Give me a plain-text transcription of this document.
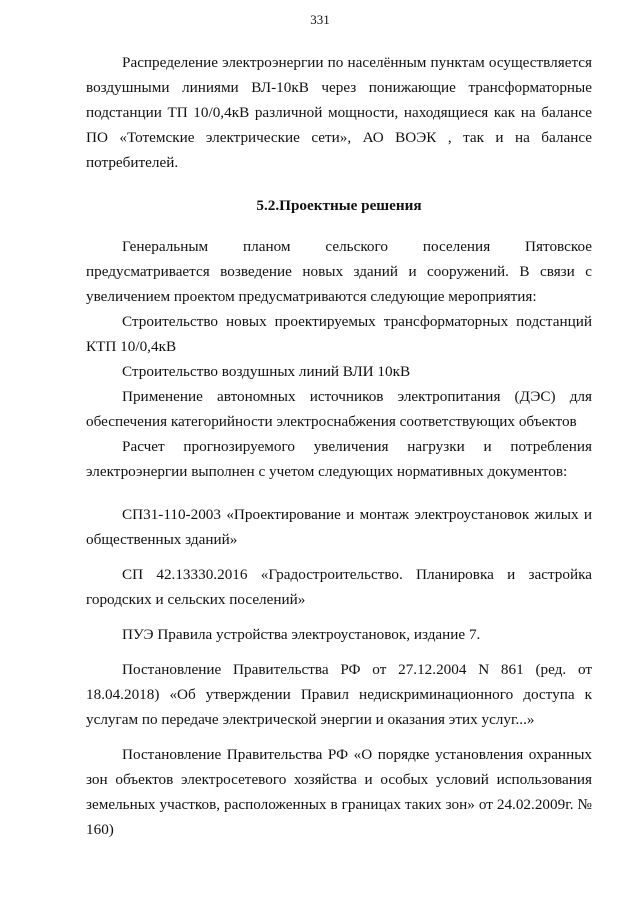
331

Распределение электроэнергии по населённым пунктам осуществляется воздушными линиями ВЛ-10кВ через понижающие трансформаторные подстанции ТП 10/0,4кВ различной мощности, находящиеся как на балансе ПО «Тотемские электрические сети», АО ВОЭК , так и на балансе потребителей.

5.2.Проектные решения

Генеральным планом сельского поселения Пятовское предусматривается возведение новых зданий и сооружений. В связи с увеличением проектом предусматриваются следующие мероприятия:

Строительство новых проектируемых трансформаторных подстанций КТП 10/0,4кВ

Строительство воздушных линий ВЛИ 10кВ

Применение автономных источников электропитания (ДЭС) для обеспечения категорийности электроснабжения соответствующих объектов

Расчет прогнозируемого увеличения нагрузки и потребления электроэнергии выполнен с учетом следующих нормативных документов:

СП31-110-2003 «Проектирование и монтаж электроустановок жилых и общественных зданий»

СП 42.13330.2016 «Градостроительство. Планировка и застройка городских и сельских поселений»

ПУЭ Правила устройства электроустановок, издание 7.

Постановление Правительства РФ от 27.12.2004 N 861 (ред. от 18.04.2018) «Об утверждении Правил недискриминационного доступа к услугам по передаче электрической энергии и оказания этих услуг...»

Постановление Правительства РФ «О порядке установления охранных зон объектов электросетевого хозяйства и особых условий использования земельных участков, расположенных в границах таких зон» от 24.02.2009г. № 160)
